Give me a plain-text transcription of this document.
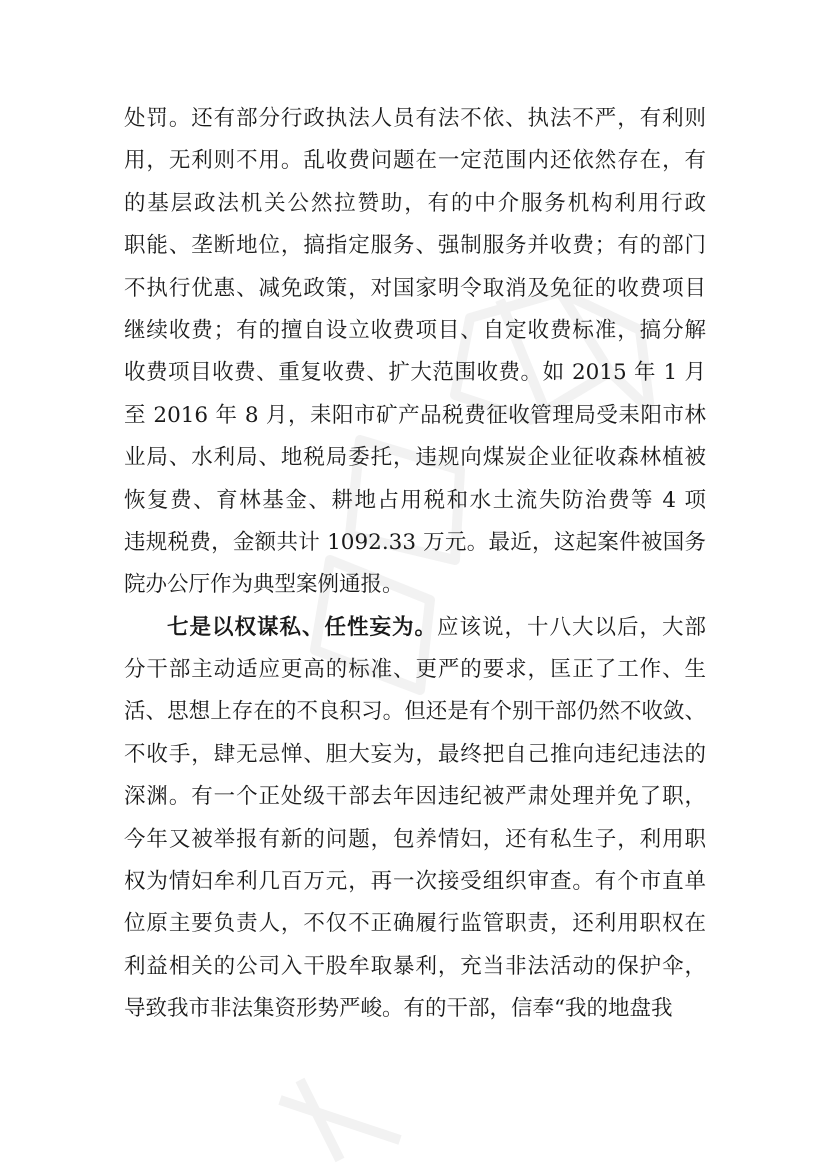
处罚。还有部分行政执法人员有法不依、执法不严，有利则
用，无利则不用。乱收费问题在一定范围内还依然存在，有
的基层政法机关公然拉赞助，有的中介服务机构利用行政
职能、垄断地位，搞指定服务、强制服务并收费；有的部门
不执行优惠、减免政策，对国家明令取消及免征的收费项目
继续收费；有的擅自设立收费项目、自定收费标准，搞分解
收费项目收费、重复收费、扩大范围收费。如 2015 年 1 月
至 2016 年 8 月，耒阳市矿产品税费征收管理局受耒阳市林
业局、水利局、地税局委托，违规向煤炭企业征收森林植被
恢复费、育林基金、耕地占用税和水土流失防治费等 4 项
违规税费，金额共计 1092.33 万元。最近，这起案件被国务
院办公厅作为典型案例通报。
七是以权谋私、任性妄为。应该说，十八大以后，大部
分干部主动适应更高的标准、更严的要求，匡正了工作、生
活、思想上存在的不良积习。但还是有个别干部仍然不收敛、
不收手，肆无忌惮、胆大妄为，最终把自己推向违纪违法的
深渊。有一个正处级干部去年因违纪被严肃处理并免了职，
今年又被举报有新的问题，包养情妇，还有私生子，利用职
权为情妇牟利几百万元，再一次接受组织审查。有个市直单
位原主要负责人，不仅不正确履行监管职责，还利用职权在
利益相关的公司入干股牟取暴利，充当非法活动的保护伞，
导致我市非法集资形势严峻。有的干部，信奉“我的地盘我
